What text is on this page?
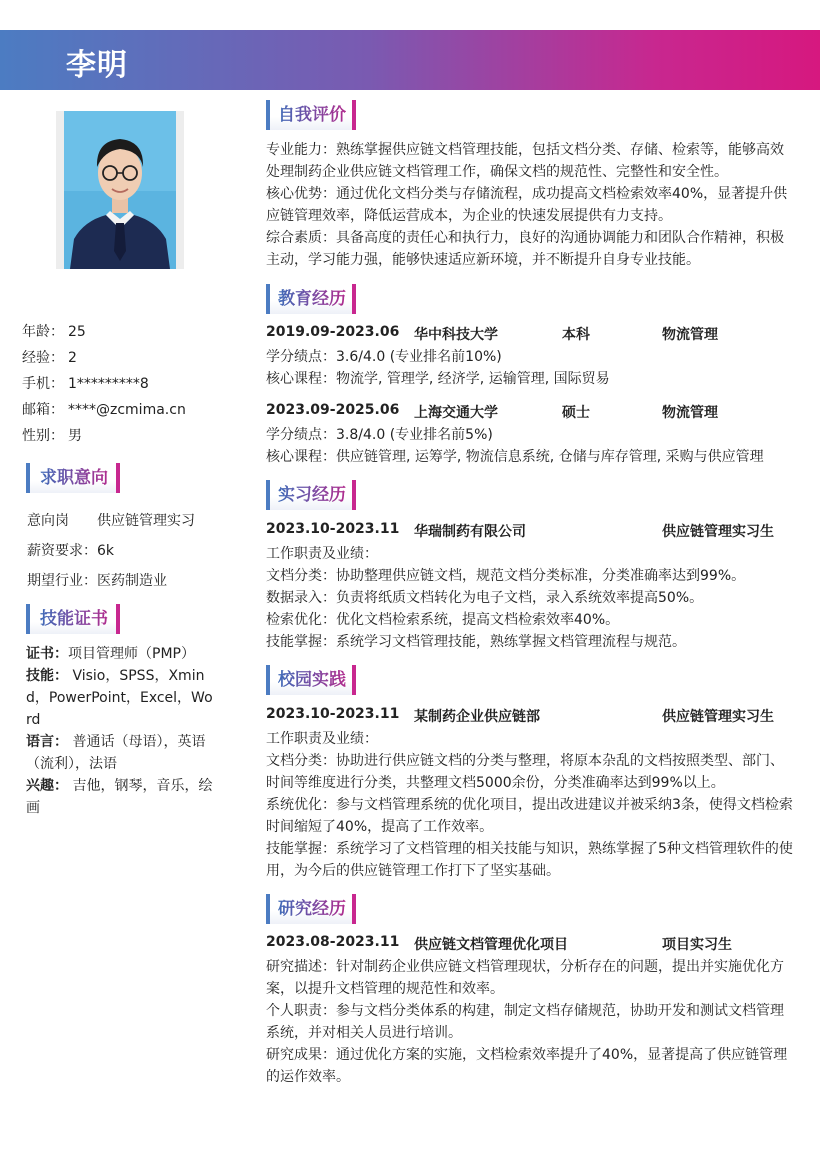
李明
年龄： 25
经验： 2
手机： 1*********8
邮箱： ****@zcmima.cn
性别： 男
求职意向
意向岗 供应链管理实习
薪资要求：6k
期望行业：医药制造业
技能证书

证书：项目管理师（PMP）

技能： Visio，SPSS，Xmind，PowerPoint，Excel，Word

语言： 普通话（母语），英语（流利），法语

兴趣： 吉他，钢琴，音乐，绘画

自我评价

专业能力：熟练掌握供应链文档管理技能，包括文档分类、存储、检索等，能够高效处理制药企业供应链文档管理工作，确保文档的规范性、完整性和安全性。

核心优势：通过优化文档分类与存储流程，成功提高文档检索效率40%，显著提升供应链管理效率，降低运营成本，为企业的快速发展提供有力支持。

综合素质：具备高度的责任心和执行力，良好的沟通协调能力和团队合作精神，积极主动，学习能力强，能够快速适应新环境，并不断提升自身专业技能。

教育经历
2019.09-2023.06 华中科技大学	本科	物流管理

学分绩点：3.6/4.0 (专业排名前10%)

核心课程：物流学, 管理学, 经济学, 运输管理, 国际贸易

2023.09-2025.06 上海交通大学	硕士	物流管理

学分绩点：3.8/4.0 (专业排名前5%)

核心课程：供应链管理, 运筹学, 物流信息系统, 仓储与库存管理, 采购与供应管理

实习经历
2023.10-2023.11 华瑞制药有限公司	供应链管理实习生

工作职责及业绩：

文档分类：协助整理供应链文档，规范文档分类标准，分类准确率达到99%。

数据录入：负责将纸质文档转化为电子文档，录入系统效率提高50%。

检索优化：优化文档检索系统，提高文档检索效率40%。

技能掌握：系统学习文档管理技能，熟练掌握文档管理流程与规范。

校园实践
2023.10-2023.11 某制药企业供应链部	供应链管理实习生

工作职责及业绩：

文档分类：协助进行供应链文档的分类与整理，将原本杂乱的文档按照类型、部门、时间等维度进行分类，共整理文档5000余份，分类准确率达到99%以上。

系统优化：参与文档管理系统的优化项目，提出改进建议并被采纳3条，使得文档检索时间缩短了40%，提高了工作效率。

技能掌握：系统学习了文档管理的相关技能与知识，熟练掌握了5种文档管理软件的使用，为今后的供应链管理工作打下了坚实基础。

研究经历
2023.08-2023.11 供应链文档管理优化项目	项目实习生

研究描述：针对制药企业供应链文档管理现状，分析存在的问题，提出并实施优化方案，以提升文档管理的规范性和效率。

个人职责：参与文档分类体系的构建，制定文档存储规范，协助开发和测试文档管理系统，并对相关人员进行培训。

研究成果：通过优化方案的实施，文档检索效率提升了40%，显著提高了供应链管理的运作效率。
